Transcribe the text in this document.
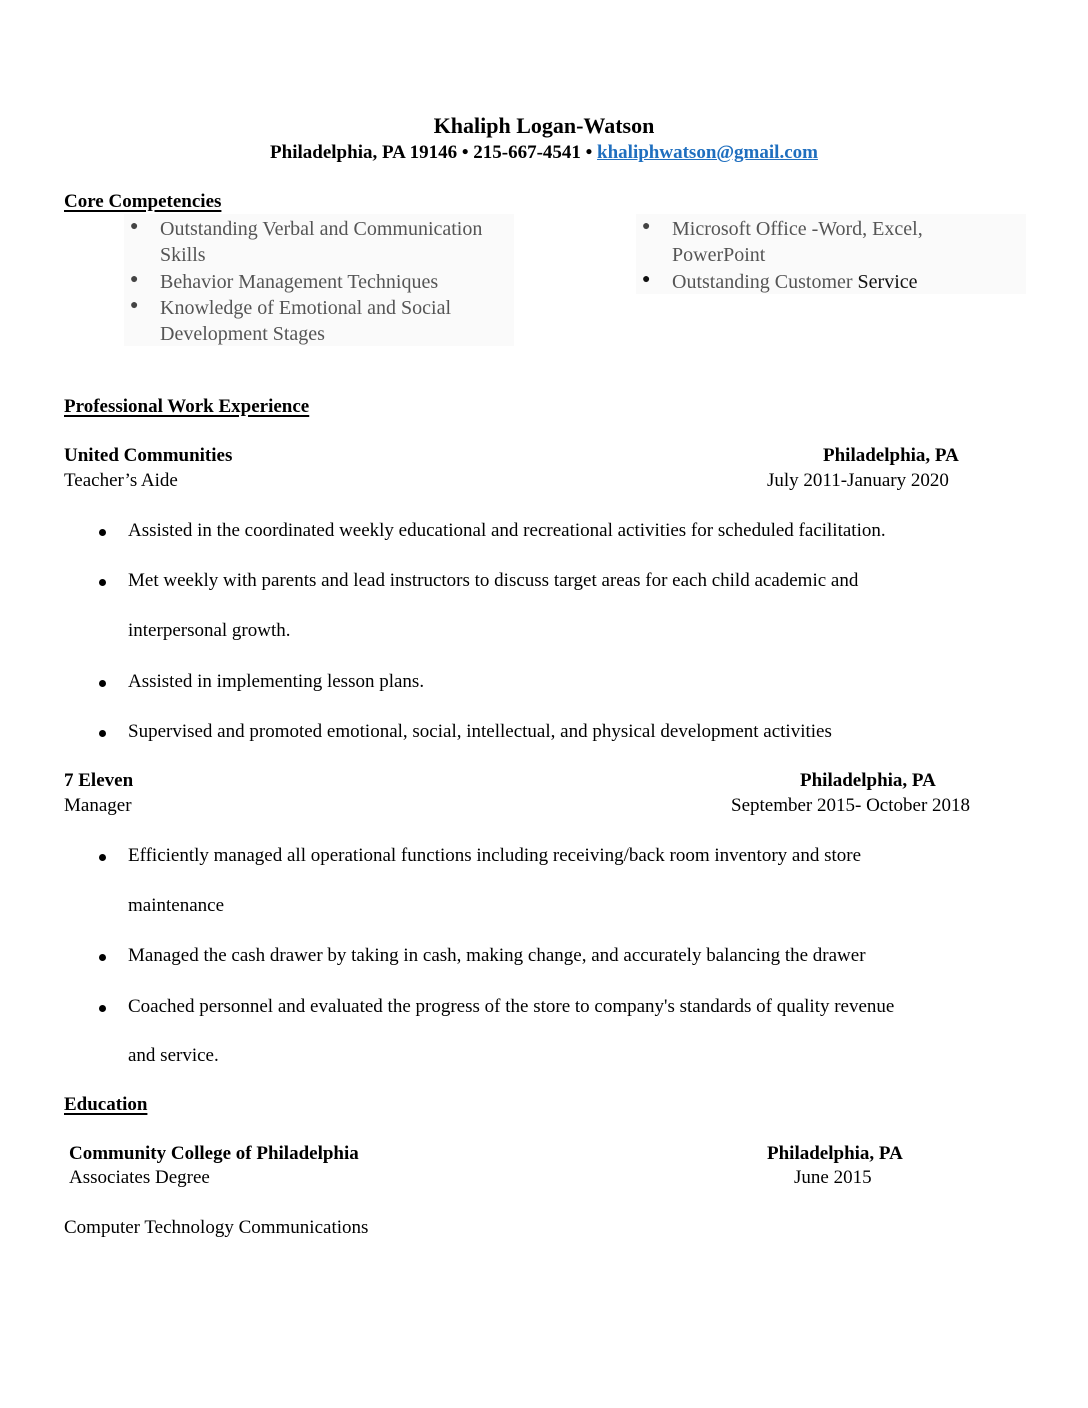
Khaliph Logan-Watson
Philadelphia, PA 19146 • 215-667-4541 • khaliphwatson@gmail.com
Core Competencies
Outstanding Verbal and Communication
Skills
●
Behavior Management Techniques
●
Knowledge of Emotional and Social
Development Stages
●
Microsoft Office -Word, Excel,
PowerPoint
●
Outstanding Customer Service
●
Professional Work Experience
United Communities	Philadelphia, PA
Teacher’s Aide	July 2011-January 2020
Assisted in the coordinated weekly educational and recreational activities for scheduled facilitation.
Met weekly with parents and lead instructors to discuss target areas for each child academic and
interpersonal growth.
Assisted in implementing lesson plans.
Supervised and promoted emotional, social, intellectual, and physical development activities
7 Eleven	Philadelphia, PA
Manager	September 2015- October 2018
Efficiently managed all operational functions including receiving/back room inventory and store
maintenance
Managed the cash drawer by taking in cash, making change, and accurately balancing the drawer
Coached personnel and evaluated the progress of the store to company's standards of quality revenue
and service.
Education
Community College of Philadelphia	Philadelphia, PA
Associates Degree	June 2015
Computer Technology Communications
